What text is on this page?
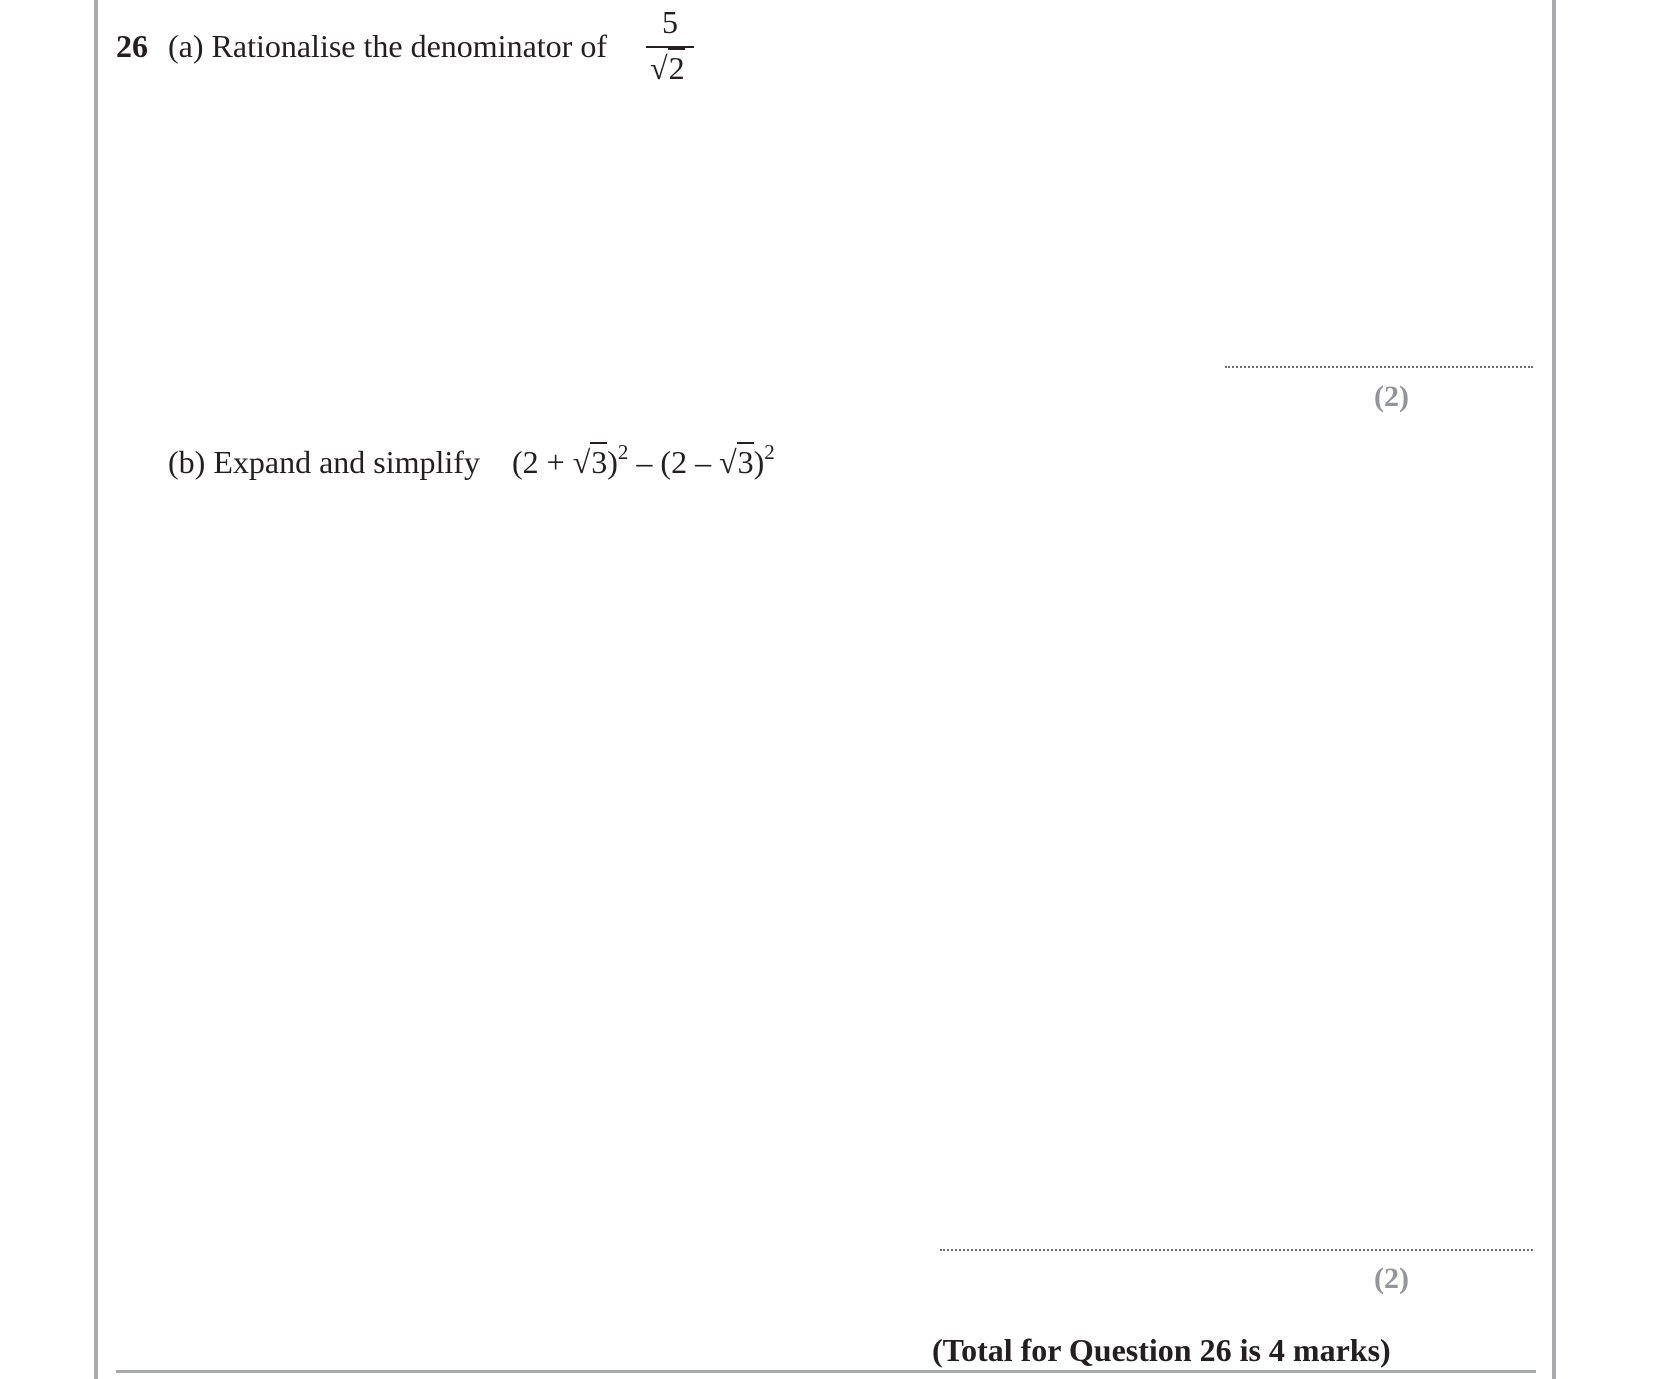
26 (a) Rationalise the denominator of
5
√2
(2)
(b) Expand and simplify $(2 + √3)^2 - (2 - √3)^2$
(2)
(Total for Question 26 is 4 marks)
